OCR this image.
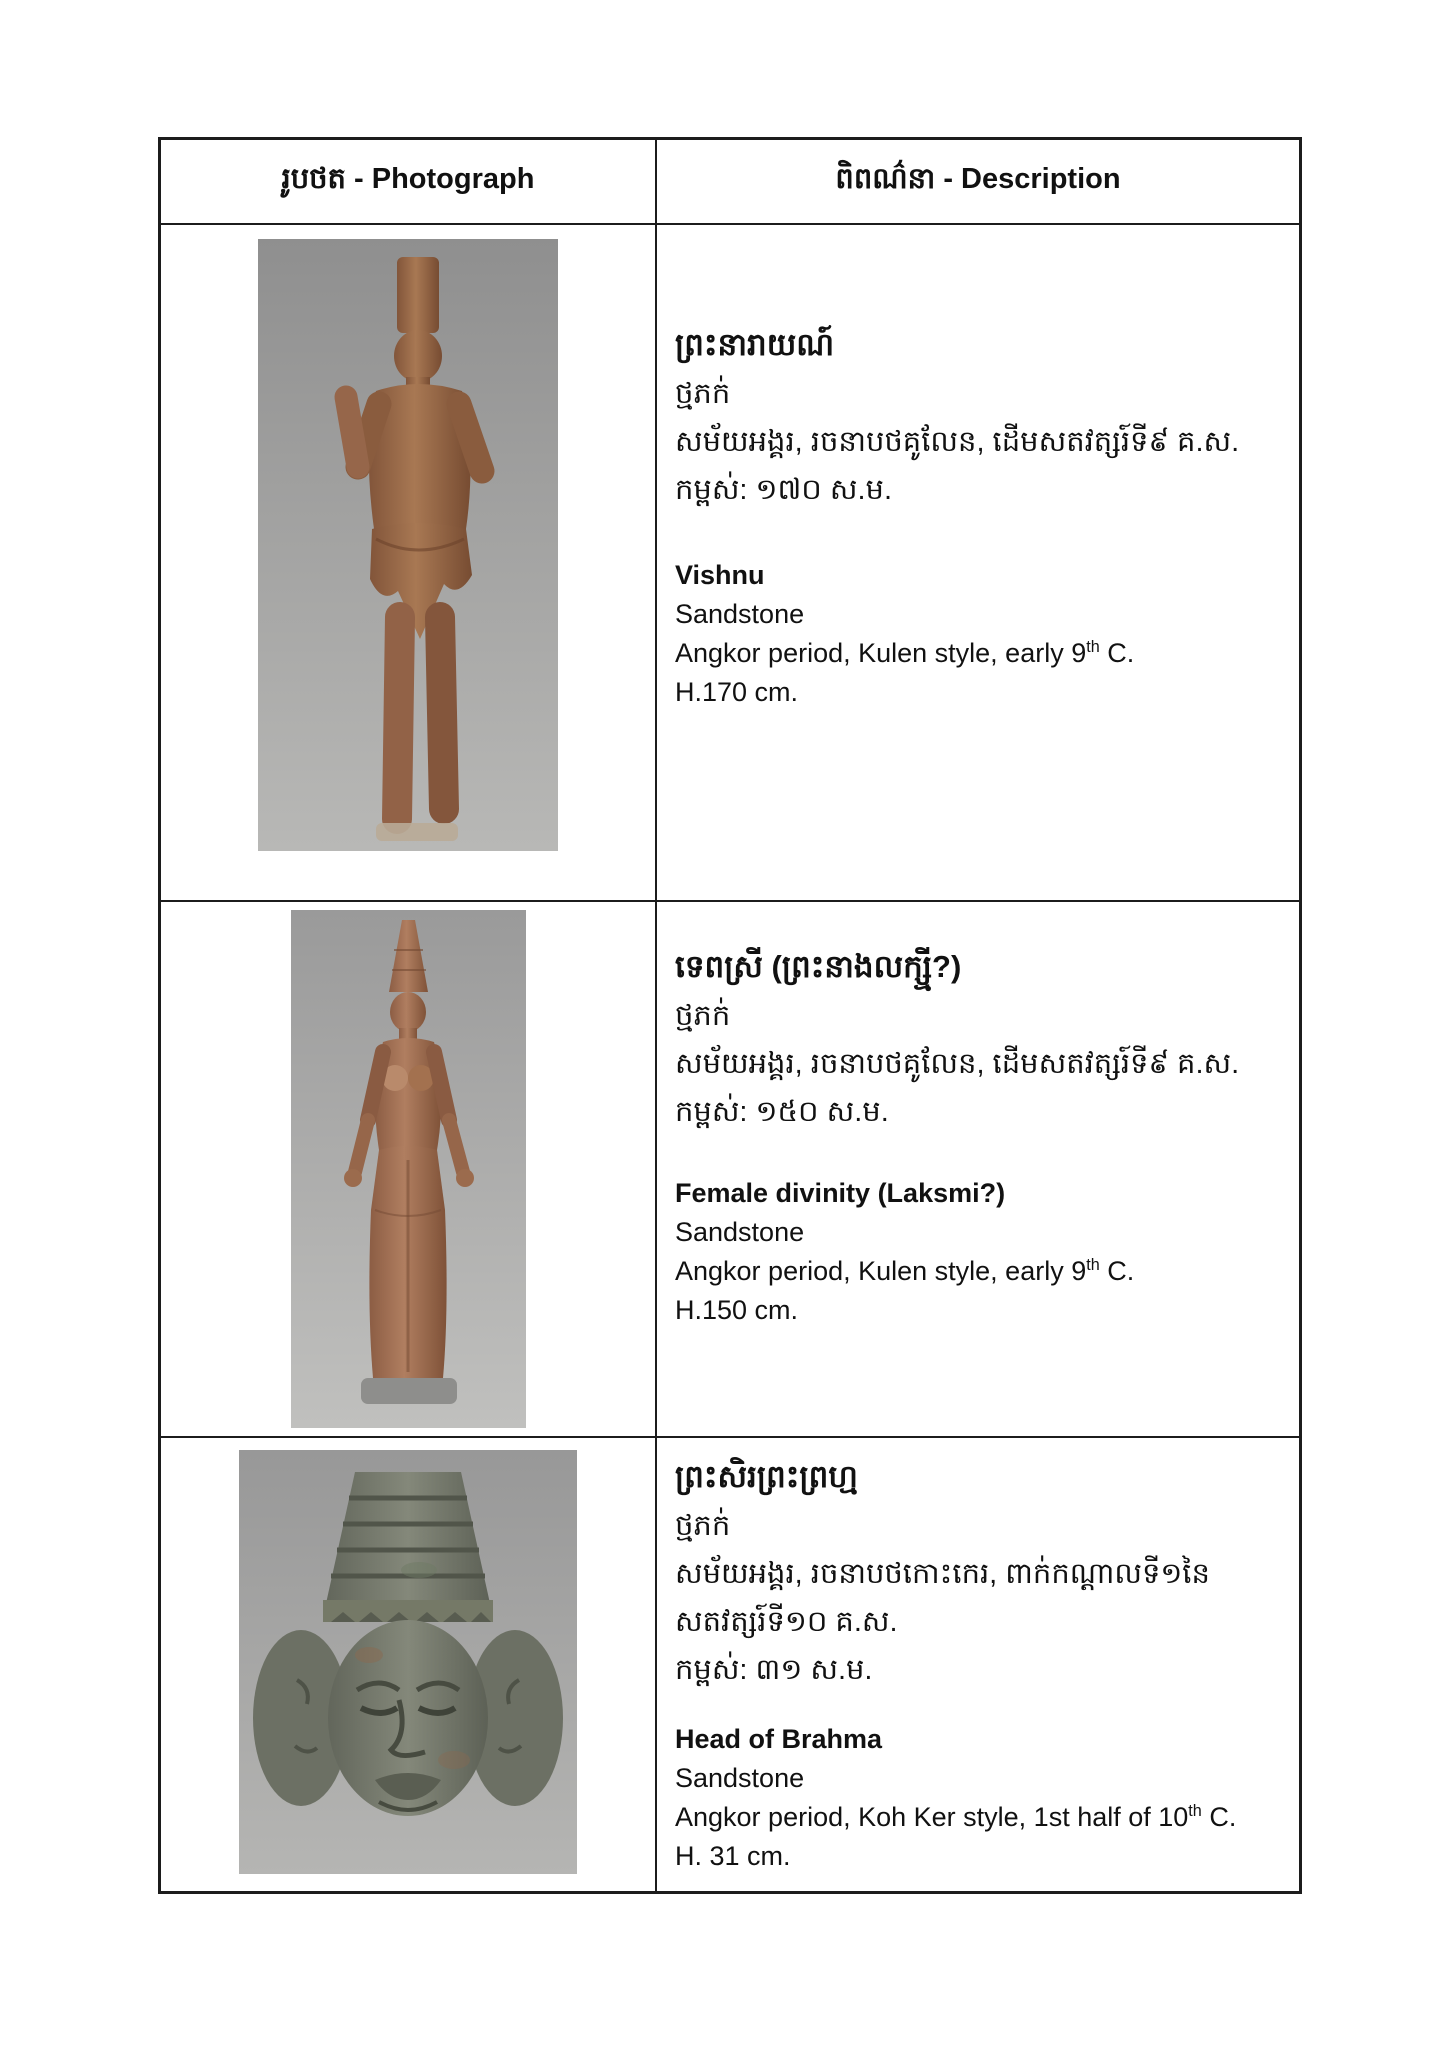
រូបថត - Photograph	ពិពណ៌នា - Description
ព្រះនារាយណ៍
ថ្មភក់
សម័យអង្គរ, រចនាបថគូលែន, ដើមសតវត្សរ៍ទី៩ គ.ស.
កម្ពស់: ១៧០ ស.ម.
Vishnu
Sandstone
Angkor period, Kulen style, early 9th C.
H.170 cm.
ទេពស្រី (ព្រះនាងលក្ស្មី?)
ថ្មភក់
សម័យអង្គរ, រចនាបថគូលែន, ដើមសតវត្សរ៍ទី៩ គ.ស.
កម្ពស់: ១៥០ ស.ម.
Female divinity (Laksmi?)
Sandstone
Angkor period, Kulen style, early 9th C.
H.150 cm.
ព្រះសិរព្រះព្រហ្ម
ថ្មភក់
សម័យអង្គរ, រចនាបថកោះកេរ, ពាក់កណ្ដាលទី១នៃ
សតវត្សរ៍ទី១០ គ.ស.
កម្ពស់: ៣១ ស.ម.
Head of Brahma
Sandstone
Angkor period, Koh Ker style, 1st half of 10th C.
H. 31 cm.
